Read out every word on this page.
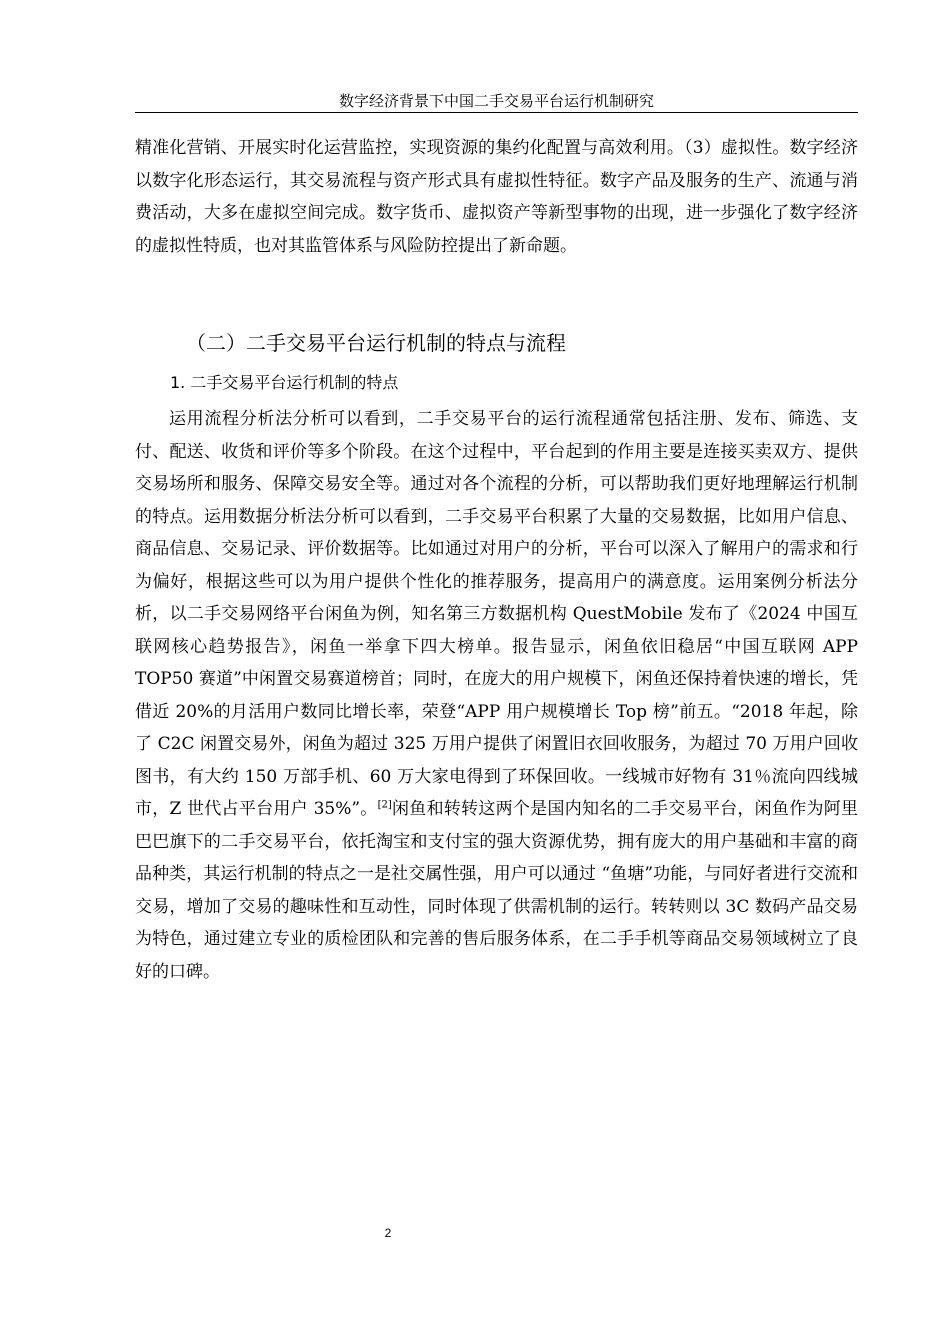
数字经济背景下中国二手交易平台运行机制研究

精准化营销、开展实时化运营监控，实现资源的集约化配置与高效利用。（3）虚拟性。数字经济以数字化形态运行，其交易流程与资产形式具有虚拟性特征。数字产品及服务的生产、流通与消费活动，大多在虚拟空间完成。数字货币、虚拟资产等新型事物的出现，进一步强化了数字经济的虚拟性特质，也对其监管体系与风险防控提出了新命题。

（二）二手交易平台运行机制的特点与流程
1. 二手交易平台运行机制的特点

运用流程分析法分析可以看到，二手交易平台的运行流程通常包括注册、发布、筛选、支付、配送、收货和评价等多个阶段。在这个过程中，平台起到的作用主要是连接买卖双方、提供交易场所和服务、保障交易安全等。通过对各个流程的分析，可以帮助我们更好地理解运行机制的特点。运用数据分析法分析可以看到，二手交易平台积累了大量的交易数据，比如用户信息、商品信息、交易记录、评价数据等。比如通过对用户的分析，平台可以深入了解用户的需求和行为偏好，根据这些可以为用户提供个性化的推荐服务，提高用户的满意度。运用案例分析法分析，以二手交易网络平台闲鱼为例，知名第三方数据机构 QuestMobile 发布了《2024 中国互联网核心趋势报告》，闲鱼一举拿下四大榜单。报告显示，闲鱼依旧稳居“中国互联网 APP TOP50 赛道”中闲置交易赛道榜首；同时，在庞大的用户规模下，闲鱼还保持着快速的增长，凭借近 20%的月活用户数同比增长率，荣登“APP 用户规模增长 Top 榜”前五。“2018 年起，除了 C2C 闲置交易外，闲鱼为超过 325 万用户提供了闲置旧衣回收服务，为超过 70 万用户回收图书，有大约 150 万部手机、60 万大家电得到了环保回收。一线城市好物有 31％流向四线城市，Z 世代占平台用户 35%”。[2]闲鱼和转转这两个是国内知名的二手交易平台，闲鱼作为阿里巴巴旗下的二手交易平台，依托淘宝和支付宝的强大资源优势，拥有庞大的用户基础和丰富的商品种类，其运行机制的特点之一是社交属性强，用户可以通过 “鱼塘”功能，与同好者进行交流和交易，增加了交易的趣味性和互动性，同时体现了供需机制的运行。转转则以 3C 数码产品交易为特色，通过建立专业的质检团队和完善的售后服务体系，在二手手机等商品交易领域树立了良好的口碑。

2
